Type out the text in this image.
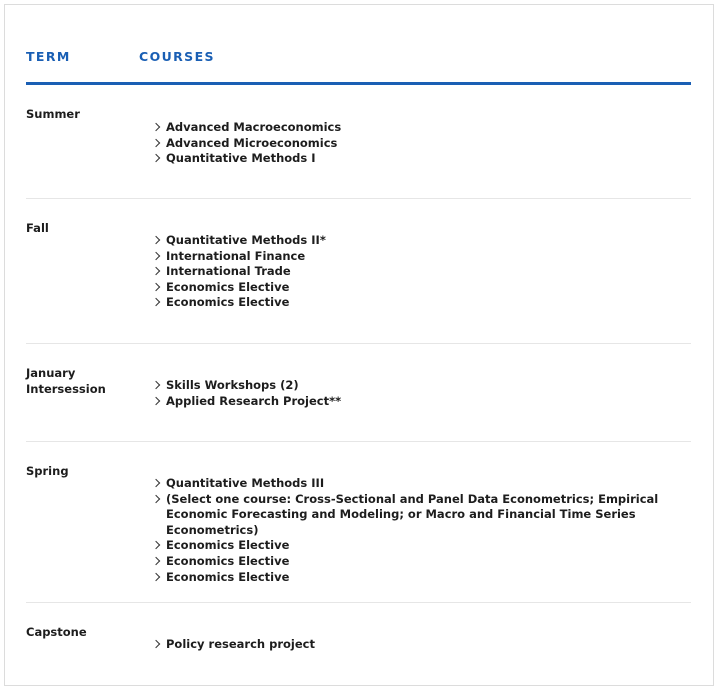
TERM	COURSES
Summer
Advanced Macroeconomics
Advanced Microeconomics
Quantitative Methods I
Fall
Quantitative Methods II*
International Finance
International Trade
Economics Elective
Economics Elective
January Intersession	Skills Workshops (2)
Applied Research Project**
Spring
Quantitative Methods III
(Select one course: Cross-Sectional and Panel Data Econometrics; Empirical Economic Forecasting and Modeling; or Macro and Financial Time Series Econometrics)
Economics Elective
Economics Elective
Economics Elective
Capstone
Policy research project
